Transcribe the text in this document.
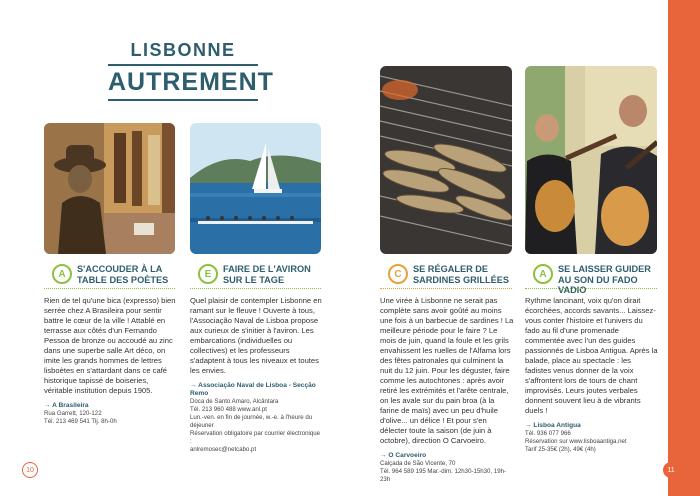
LISBONNE
AUTREMENT
A	S'ACCOUDER À LA TABLE DES POÈTES	E	FAIRE DE L'AVIRON SUR LE TAGE

Rien de tel qu'une bica (expresso) bien serrée chez A Brasileira pour sentir battre le cœur de la ville ! Attablé en terrasse aux côtés d'un Fernando Pessoa de bronze ou accoudé au zinc dans une superbe salle Art déco, on imite les grands hommes de lettres lisboètes en s'attardant dans ce café historique tapissé de boiseries, véritable institution depuis 1905.

→ A Brasileira
Rua Garrett, 120-122
Tél. 213 469 541 Tlj. 8h-0h

Quel plaisir de contempler Lisbonne en ramant sur le fleuve ! Ouverte à tous, l'Associação Naval de Lisboa propose aux curieux de s'initier à l'aviron. Les embarcations (individuelles ou collectives) et les professeurs s'adaptent à tous les niveaux et toutes les envies.

→ Associação Naval de Lisboa - Secção Remo
Doca de Santo Amaro, Alcântara
Tél. 213 960 488 www.anl.pt
Lun.-ven. en fin de journée, w.-e. à l'heure du déjeuner
Réservation obligatoire par courrier électronique :
anlremosec@netcabo.pt
10
C	SE RÉGALER DE SARDINES GRILLÉES	A	SE LAISSER GUIDER AU SON DU FADO VADIO

Une virée à Lisbonne ne serait pas complète sans avoir goûté au moins une fois à un barbecue de sardines ! La meilleure période pour le faire ? Le mois de juin, quand la foule et les grils envahissent les ruelles de l'Alfama lors des fêtes patronales qui culminent la nuit du 12 juin. Pour les déguster, faire comme les autochtones : après avoir retiré les extrémités et l'arête centrale, on les avale sur du pain broa (à la farine de maïs) avec un peu d'huile d'olive... un délice ! Et pour s'en délecter toute la saison (de juin à octobre), direction O Carvoeiro.

→ O Carvoeiro
Calçada de São Vicente, 70
Tél. 964 589 195 Mar.-dim. 12h30-15h30, 19h-23h

Rythme lancinant, voix qu'on dirait écorchées, accords savants... Laissez-vous conter l'histoire et l'univers du fado au fil d'une promenade commentée avec l'un des guides passionnés de Lisboa Antigua. Après la balade, place au spectacle : les fadistes venus donner de la voix s'affrontent lors de tours de chant improvisés. Leurs joutes verbales donnent souvent lieu à de vibrants duels !

→ Lisboa Antigua
Tél. 936 077 966
Réservation sur www.lisboaantiga.net
Tarif 25-35€ (2h), 49€ (4h)
11
